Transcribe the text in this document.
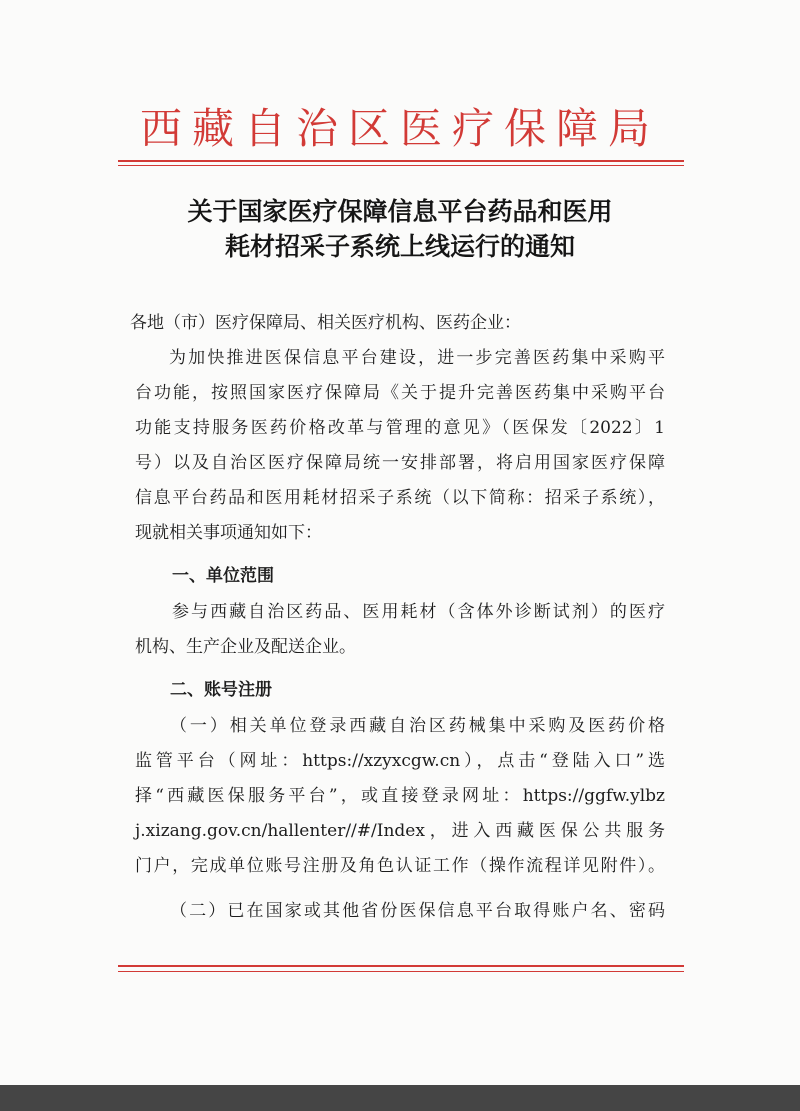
西藏自治区医疗保障局
关于国家医疗保障信息平台药品和医用
耗材招采子系统上线运行的通知
各地（市）医疗保障局、相关医疗机构、医药企业：
为加快推进医保信息平台建设，进一步完善医药集中采购平
台功能，按照国家医疗保障局《关于提升完善医药集中采购平台
功能支持服务医药价格改革与管理的意见》（医保发〔2022〕1
号）以及自治区医疗保障局统一安排部署，将启用国家医疗保障
信息平台药品和医用耗材招采子系统（以下简称：招采子系统），
现就相关事项通知如下：
一、单位范围
参与西藏自治区药品、医用耗材（含体外诊断试剂）的医疗
机构、生产企业及配送企业。
二、账号注册
（一）相关单位登录西藏自治区药械集中采购及医药价格
监管平台（网址：https://xzyxcgw.cn），点击“登陆入口”选
择“西藏医保服务平台”，或直接登录网址：https://ggfw.ylbz
j.xizang.gov.cn/hallenter//#/Index，进入西藏医保公共服务
门户，完成单位账号注册及角色认证工作（操作流程详见附件）。
（二）已在国家或其他省份医保信息平台取得账户名、密码
